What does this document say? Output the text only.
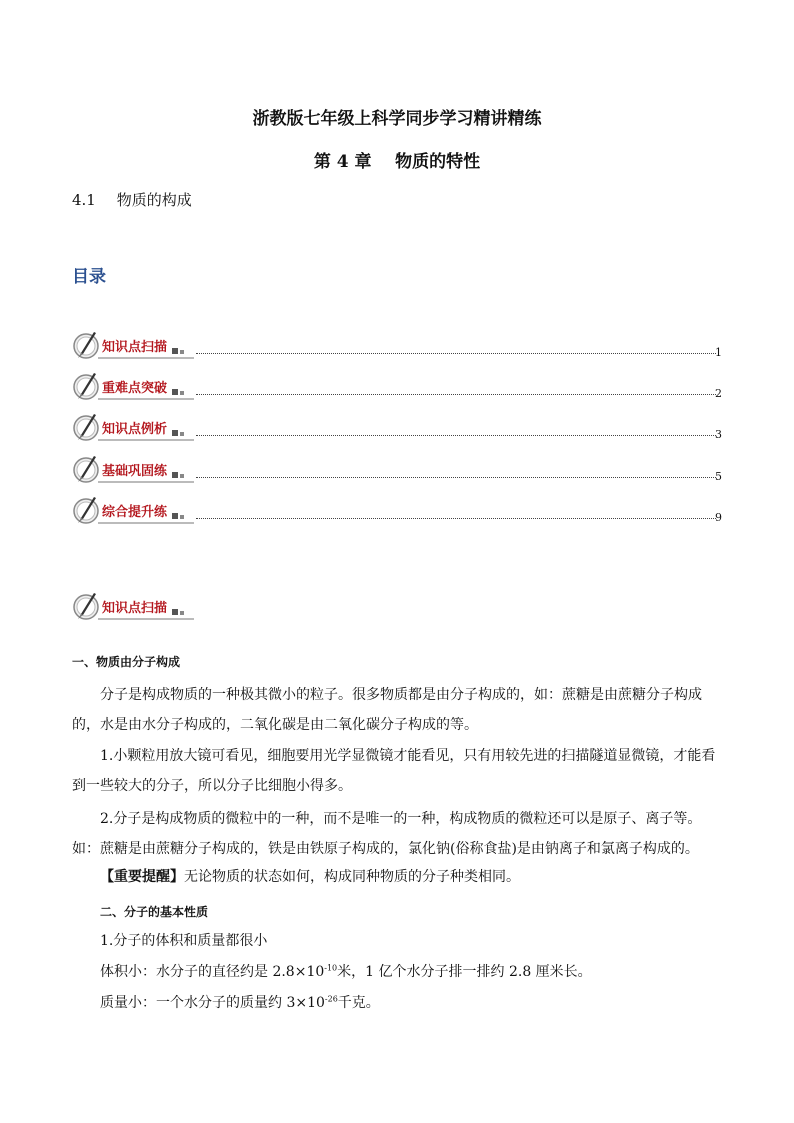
浙教版七年级上科学同步学习精讲精练
第 4 章    物质的特性
4.1 物质的构成
目录
知识点扫描	1
重难点突破	2
知识点例析	3
基础巩固练	5
综合提升练	9
知识点扫描
一、物质由分子构成
分子是构成物质的一种极其微小的粒子。很多物质都是由分子构成的，如：蔗糖是由蔗糖分子构成的，水是由水分子构成的，二氧化碳是由二氧化碳分子构成的等。
1.小颗粒用放大镜可看见，细胞要用光学显微镜才能看见，只有用较先进的扫描隧道显微镜，才能看到一些较大的分子，所以分子比细胞小得多。
2.分子是构成物质的微粒中的一种，而不是唯一的一种，构成物质的微粒还可以是原子、离子等。如：蔗糖是由蔗糖分子构成的，铁是由铁原子构成的，氯化钠(俗称食盐)是由钠离子和氯离子构成的。
【重要提醒】无论物质的状态如何，构成同种物质的分子种类相同。
二、分子的基本性质
1.分子的体积和质量都很小
体积小：水分子的直径约是 $2.8\times 10^{-10}$米，1 亿个水分子排一排约 2.8 厘米长。
质量小：一个水分子的质量约 $3\times 10^{-26}$千克。
